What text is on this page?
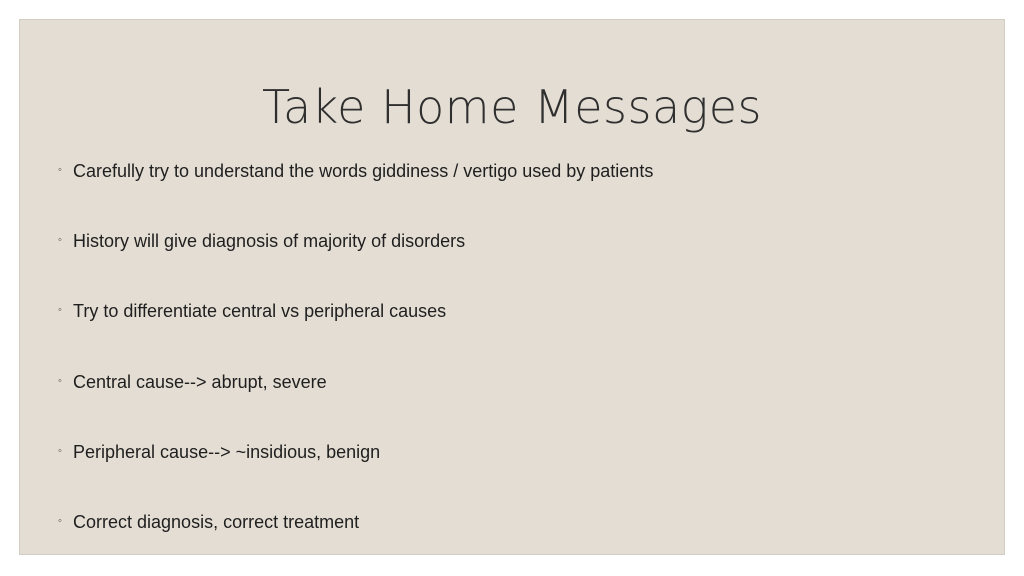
Take Home Messages
◦ Carefully try to understand the words giddiness / vertigo used by patients
◦ History will give diagnosis of majority of disorders
◦ Try to differentiate central vs peripheral causes
◦ Central cause--> abrupt, severe
◦ Peripheral cause--> ~insidious, benign
◦ Correct diagnosis, correct treatment
